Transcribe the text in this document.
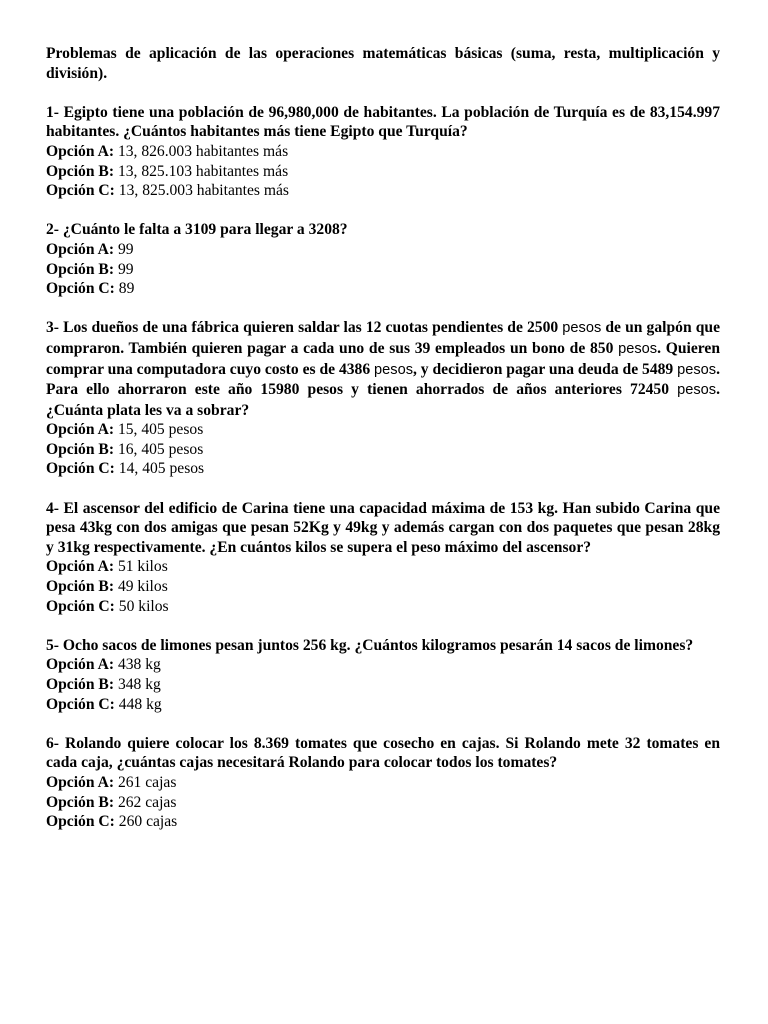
Problemas de aplicación de las operaciones matemáticas básicas (suma, resta, multiplicación y división).

1- Egipto tiene una población de 96,980,000 de habitantes. La población de Turquía es de 83,154.997 habitantes. ¿Cuántos habitantes más tiene Egipto que Turquía?

Opción A: 13, 826.003 habitantes más

Opción B: 13, 825.103 habitantes más

Opción C: 13, 825.003 habitantes más

2- ¿Cuánto le falta a 3109 para llegar a 3208?

Opción A: 99

Opción B: 99

Opción C: 89

3- Los dueños de una fábrica quieren saldar las 12 cuotas pendientes de 2500 pesos de un galpón que compraron. También quieren pagar a cada uno de sus 39 empleados un bono de 850 pesos. Quieren comprar una computadora cuyo costo es de 4386 pesos, y decidieron pagar una deuda de 5489 pesos. Para ello ahorraron este año 15980 pesos y tienen ahorrados de años anteriores 72450 pesos. ¿Cuánta plata les va a sobrar?

Opción A: 15, 405 pesos

Opción B: 16, 405 pesos

Opción C: 14, 405 pesos

4- El ascensor del edificio de Carina tiene una capacidad máxima de 153 kg. Han subido Carina que pesa 43kg con dos amigas que pesan 52Kg y 49kg y además cargan con dos paquetes que pesan 28kg y 31kg respectivamente. ¿En cuántos kilos se supera el peso máximo del ascensor?

Opción A: 51 kilos

Opción B: 49 kilos

Opción C: 50 kilos

5- Ocho sacos de limones pesan juntos 256 kg. ¿Cuántos kilogramos pesarán 14 sacos de limones?

Opción A: 438 kg

Opción B: 348 kg

Opción C: 448 kg

6- Rolando quiere colocar los 8.369 tomates que cosecho en cajas. Si Rolando mete 32 tomates en cada caja, ¿cuántas cajas necesitará Rolando para colocar todos los tomates?

Opción A: 261 cajas

Opción B: 262 cajas

Opción C: 260 cajas
